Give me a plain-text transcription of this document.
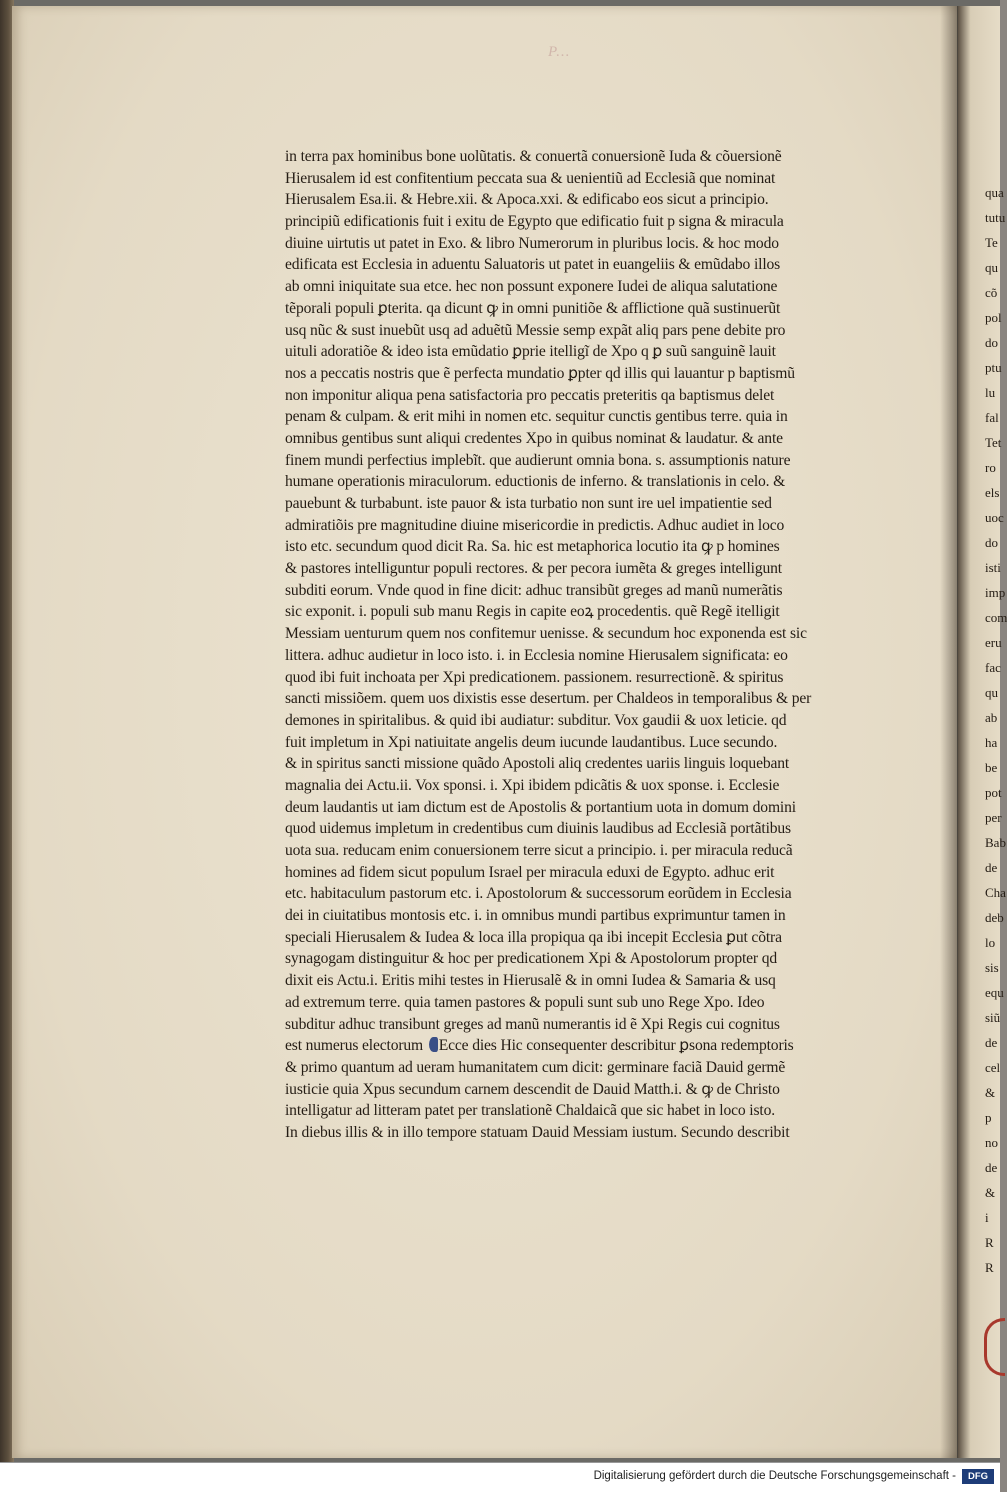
P...
in terra pax hominibus bone uolũtatis. & conuertã conuersionẽ Iuda & cõuersionẽ
Hierusalem id est confitentium peccata sua & uenientiũ ad Ecclesiã que nominat
Hierusalem Esa.ii. & Hebre.xii. & Apoca.xxi. & edificabo eos sicut a principio.
principiũ edificationis fuit i exitu de Egypto que edificatio fuit p signa & miracula
diuine uirtutis ut patet in Exo. & libro Numerorum in pluribus locis. & hoc modo
edificata est Ecclesia in aduentu Saluatoris ut patet in euangeliis & emũdabo illos
ab omni iniquitate sua etce. hec non possunt exponere Iudei de aliqua salutatione
tẽporali populi ꝑterita. qa dicunt ꝙ in omni punitiõe & afflictione quã sustinuerũt
usq nũc & sust inuebũt usq ad aduẽtũ Messie semp expãt aliq pars pene debite pro
uituli adoratiõe & ideo ista emũdatio ꝑprie itelligĩ de Xpo q ꝑ suũ sanguinẽ lauit
nos a peccatis nostris que ẽ perfecta mundatio ꝑpter qd illis qui lauantur p baptismũ
non imponitur aliqua pena satisfactoria pro peccatis preteritis qa baptismus delet
penam & culpam. & erit mihi in nomen etc. sequitur cunctis gentibus terre. quia in
omnibus gentibus sunt aliqui credentes Xpo in quibus nominat & laudatur. & ante
finem mundi perfectius implebĩt. que audierunt omnia bona. s. assumptionis nature
humane operationis miraculorum. eductionis de inferno. & translationis in celo. &
pauebunt & turbabunt. iste pauor & ista turbatio non sunt ire uel impatientie sed
admiratiõis pre magnitudine diuine misericordie in predictis. Adhuc audiet in loco
isto etc. secundum quod dicit Ra. Sa. hic est metaphorica locutio ita ꝙ p homines
& pastores intelliguntur populi rectores. & per pecora iumẽta & greges intelligunt
subditi eorum. Vnde quod in fine dicit: adhuc transibũt greges ad manũ numerãtis
sic exponit. i. populi sub manu Regis in capite eoꝝ procedentis. quẽ Regẽ itelligit
Messiam uenturum quem nos confitemur uenisse. & secundum hoc exponenda est sic
littera. adhuc audietur in loco isto. i. in Ecclesia nomine Hierusalem significata: eo
quod ibi fuit inchoata per Xpi predicationem. passionem. resurrectionẽ. & spiritus
sancti missiõem. quem uos dixistis esse desertum. per Chaldeos in temporalibus & per
demones in spiritalibus. & quid ibi audiatur: subditur. Vox gaudii & uox leticie. qd
fuit impletum in Xpi natiuitate angelis deum iucunde laudantibus. Luce secundo.
& in spiritus sancti missione quãdo Apostoli aliq credentes uariis linguis loquebant
magnalia dei Actu.ii. Vox sponsi. i. Xpi ibidem pdicãtis & uox sponse. i. Ecclesie
deum laudantis ut iam dictum est de Apostolis & portantium uota in domum domini
quod uidemus impletum in credentibus cum diuinis laudibus ad Ecclesiã portãtibus
uota sua. reducam enim conuersionem terre sicut a principio. i. per miracula reducã
homines ad fidem sicut populum Israel per miracula eduxi de Egypto. adhuc erit
etc. habitaculum pastorum etc. i. Apostolorum & successorum eorũdem in Ecclesia
dei in ciuitatibus montosis etc. i. in omnibus mundi partibus exprimuntur tamen in
speciali Hierusalem & Iudea & loca illa propiqua qa ibi incepit Ecclesia ꝑut cõtra
synagogam distinguitur & hoc per predicationem Xpi & Apostolorum propter qd
dixit eis Actu.i. Eritis mihi testes in Hierusalẽ & in omni Iudea & Samaria & usq
ad extremum terre. quia tamen pastores & populi sunt sub uno Rege Xpo. Ideo
subditur adhuc transibunt greges ad manũ numerantis id ẽ Xpi Regis cui cognitus
est numerus electorum Ecce dies Hic consequenter describitur ꝑsona redemptoris
& primo quantum ad ueram humanitatem cum dicit: germinare faciã Dauid germẽ
iusticie quia Xpus secundum carnem descendit de Dauid Matth.i. & ꝙ de Christo
intelligatur ad litteram patet per translationẽ Chaldaicã que sic habet in loco isto.
In diebus illis & in illo tempore statuam Dauid Messiam iustum. Secundo describit
qua
tutu
Te
qu
cõ
pol
do
ptu
lu
fal
Tet
ro
els
uoc
do
isti
imp
com
eru
fac
qu
ab
ha
be
pot
per
Bab
de
Cha
deb
lo
sis
equ
siũ
de
cel
&
p
no
de
&
i
R
R
Digitalisierung gefördert durch die Deutsche Forschungsgemeinschaft -	DFG
